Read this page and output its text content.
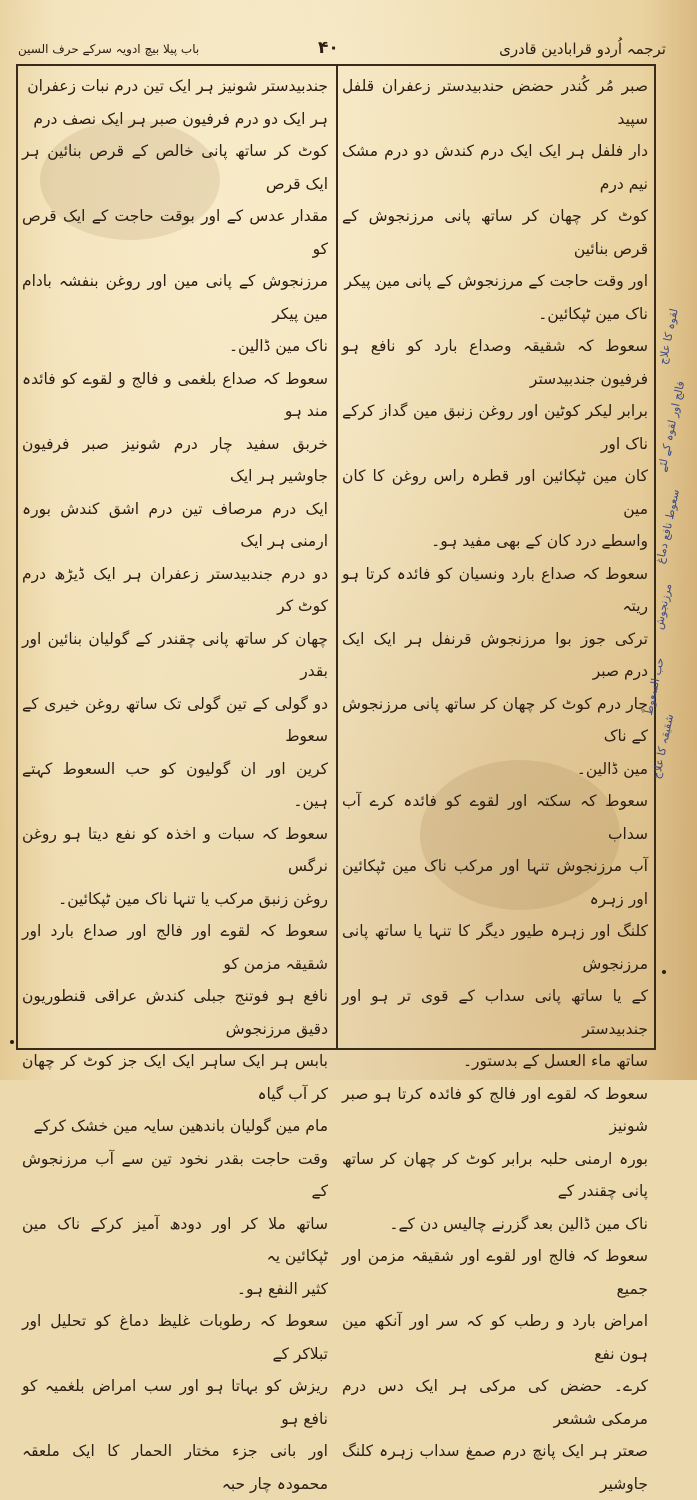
ترجمہ اُردو قرابادین قادری
۴۰
باب پیلا بیچ ادویہ سرکے حرف السین

صبر مُر کُندر حضض حندبیدستر زعفران قلفل سپید

دار فلفل ہر ایک ایک درم کندش دو درم مشک نیم درم

کوٹ کر چھان کر ساتھ پانی مرزنجوش کے قرص بنائین

اور وقت حاجت کے مرزنجوش کے پانی مین پیکر

ناک مین ٹپکائین۔

سعوط کہ شقیقہ وصداع بارد کو نافع ہو فرفیون جندبیدستر

برابر لیکر کوٹین اور روغن زنبق مین گداز کرکے ناک اور

کان مین ٹپکائین اور قطرہ راس روغن کا کان مین

واسطے درد کان کے بھی مفید ہو۔

سعوط کہ صداع بارد ونسیان کو فائدہ کرتا ہو ریتہ

ترکی جوز بوا مرزنجوش قرنفل ہر ایک ایک درم صبر

چار درم کوٹ کر چھان کر ساتھ پانی مرزنجوش کے ناک

مین ڈالین۔

سعوط کہ سکتہ اور لقوے کو فائدہ کرے آب سداب

آب مرزنجوش تنہا اور مرکب ناک مین ٹپکائین اور زہرہ

کلنگ اور زہرہ طیور دیگر کا تنہا یا ساتھ پانی مرزنجوش

کے یا ساتھ پانی سداب کے قوی تر ہو اور جندبیدستر

ساتھ ماء العسل کے بدستور۔

سعوط کہ لقوے اور فالج کو فائدہ کرتا ہو صبر شونیز

بورہ ارمنی حلبہ برابر کوٹ کر چھان کر ساتھ پانی چقندر کے

ناک مین ڈالین بعد گزرنے چالیس دن کے۔

سعوط کہ فالج اور لقوے اور شقیقہ مزمن اور جمیع

امراض بارد و رطب کو کہ سر اور آنکھ مین ہون نفع

کرے۔ حضض کی مرکی ہر ایک دس درم مرمکی ششعر

صعتر ہر ایک پانچ درم صمغ سداب زہرہ کلنگ جاوشیر

جندبیدستر شونیز ہر ایک تین درم نبات زعفران

ہر ایک دو درم فرفیون صبر ہر ایک نصف درم

کوٹ کر ساتھ پانی خالص کے قرص بنائین ہر ایک قرص

مقدار عدس کے اور بوقت حاجت کے ایک قرص کو

مرزنجوش کے پانی مین اور روغن بنفشہ بادام مین پیکر

ناک مین ڈالین۔

سعوط کہ صداع بلغمی و فالج و لقوے کو فائدہ مند ہو

خربق سفید چار درم شونیز صبر فرفیون جاوشیر ہر ایک

ایک درم مرصاف تین درم اشق کندش بورہ ارمنی ہر ایک

دو درم جندبیدستر زعفران ہر ایک ڈیڑھ درم کوٹ کر

چھان کر ساتھ پانی چقندر کے گولیان بنائین اور بقدر

دو گولی کے تین گولی تک ساتھ روغن خیری کے سعوط

کرین اور ان گولیون کو حب السعوط کہتے ہین۔

سعوط کہ سبات و اخذہ کو نفع دیتا ہو روغن نرگس

روغن زنبق مرکب یا تنہا ناک مین ٹپکائین۔

سعوط کہ لقوے اور فالج اور صداع بارد اور شقیقہ مزمن کو

نافع ہو فوتنج جبلی کندش عراقی قنطوریون دقیق مرزنجوش

بابس ہر ایک ساہر ایک ایک جز کوٹ کر چھان کر آب گیاہ

مام مین گولیان باندھین سایہ مین خشک کرکے

وقت حاجت بقدر نخود تین سے آب مرزنجوش کے

ساتھ ملا کر اور دودھ آمیز کرکے ناک مین ٹپکائین یہ

کثیر النفع ہو۔

سعوط کہ رطوبات غلیظ دماغ کو تحلیل اور تبلاکر کے

ریزش کو بہاتا ہو اور سب امراض بلغمیہ کو نافع ہو

اور بانی جزء مختار الحمار کا ایک ملعقہ محمودہ چار حبہ

لقوہ کا علاج
فالج اور لقوہ کے لئے
سعوط نافع دماغ
مرزنجوش
حب السعوط
شقیقہ کا علاج
